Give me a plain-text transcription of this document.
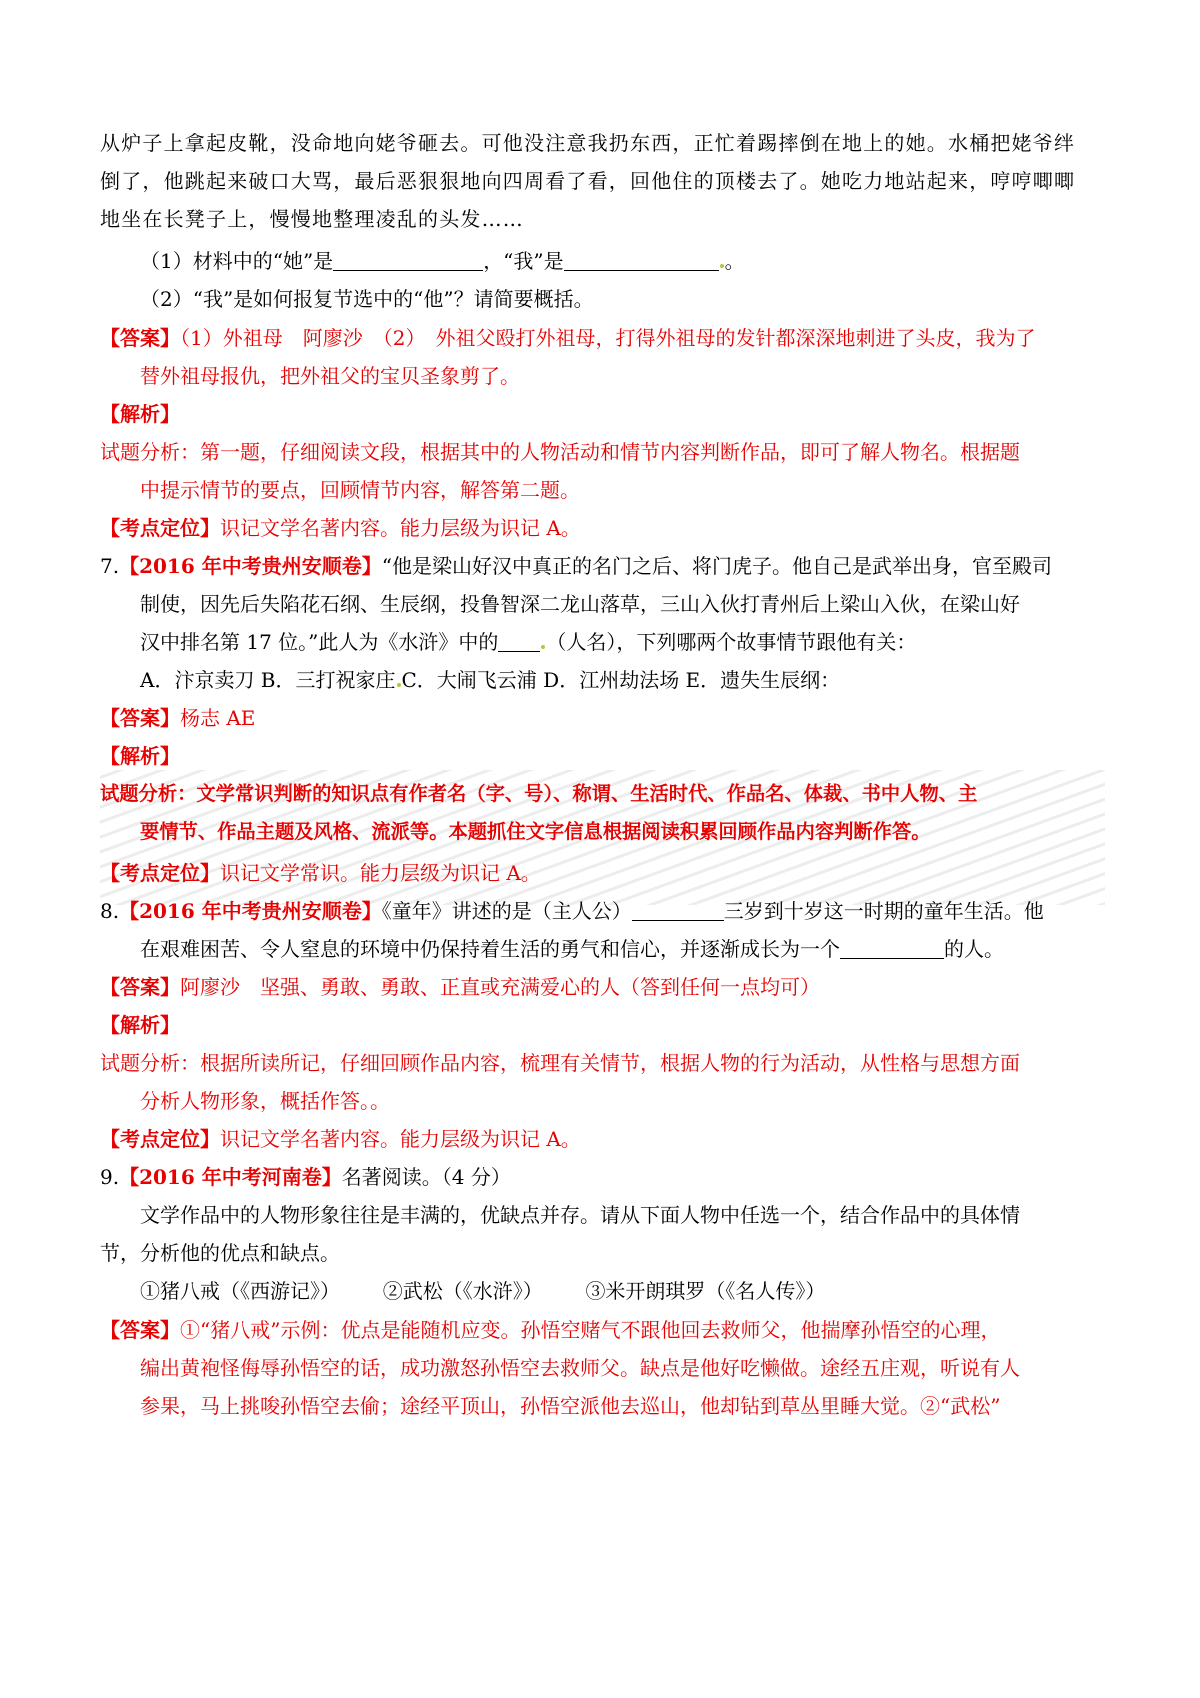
从炉子上拿起皮靴，没命地向姥爷砸去。可他没注意我扔东西，正忙着踢摔倒在地上的她。水桶把姥爷绊
倒了，他跳起来破口大骂，最后恶狠狠地向四周看了看，回他住的顶楼去了。她吃力地站起来，哼哼唧唧
地坐在长凳子上，慢慢地整理凌乱的头发……
（1）材料中的“她”是	，“我”是	。
（2）“我”是如何报复节选中的“他”？请简要概括。
【答案】（1）外祖母　阿廖沙　（2）　外祖父殴打外祖母，打得外祖母的发针都深深地刺进了头皮，我为了
替外祖母报仇，把外祖父的宝贝圣象剪了。
【解析】
试题分析：第一题，仔细阅读文段，根据其中的人物活动和情节内容判断作品，即可了解人物名。根据题
中提示情节的要点，回顾情节内容，解答第二题。
【考点定位】识记文学名著内容。能力层级为识记 A。
7.【2016 年中考贵州安顺卷】“他是梁山好汉中真正的名门之后、将门虎子。他自己是武举出身，官至殿司
制使，因先后失陷花石纲、生辰纲，投鲁智深二龙山落草，三山入伙打青州后上梁山入伙，在梁山好
汉中排名第 17 位。”此人为《水浒》中的 （人名），下列哪两个故事情节跟他有关：
A．汴京卖刀 B．三打祝家庄 C．大闹飞云浦 D．江州劫法场 E．遗失生辰纲：
【答案】杨志 AE
【解析】
试题分析：文学常识判断的知识点有作者名（字、号）、称谓、生活时代、作品名、体裁、书中人物、主
要情节、作品主题及风格、流派等。本题抓住文字信息根据阅读积累回顾作品内容判断作答。
【考点定位】识记文学常识。能力层级为识记 A。
8.【2016 年中考贵州安顺卷】《童年》讲述的是（主人公）	三岁到十岁这一时期的童年生活。他
在艰难困苦、令人窒息的环境中仍保持着生活的勇气和信心，并逐渐成长为一个	的人。
【答案】阿廖沙　坚强、勇敢、勇敢、正直或充满爱心的人（答到任何一点均可）
【解析】
试题分析：根据所读所记，仔细回顾作品内容，梳理有关情节，根据人物的行为活动，从性格与思想方面
分析人物形象，概括作答。。
【考点定位】识记文学名著内容。能力层级为识记 A。
9.【2016 年中考河南卷】名著阅读。（4 分）
文学作品中的人物形象往往是丰满的，优缺点并存。请从下面人物中任选一个，结合作品中的具体情
节，分析他的优点和缺点。
①猪八戒（《西游记》） ②武松（《水浒》） ③米开朗琪罗（《名人传》）
【答案】①“猪八戒”示例：优点是能随机应变。孙悟空赌气不跟他回去救师父，他揣摩孙悟空的心理，
编出黄袍怪侮辱孙悟空的话，成功激怒孙悟空去救师父。缺点是他好吃懒做。途经五庄观，听说有人
参果，马上挑唆孙悟空去偷；途经平顶山，孙悟空派他去巡山，他却钻到草丛里睡大觉。②“武松”
